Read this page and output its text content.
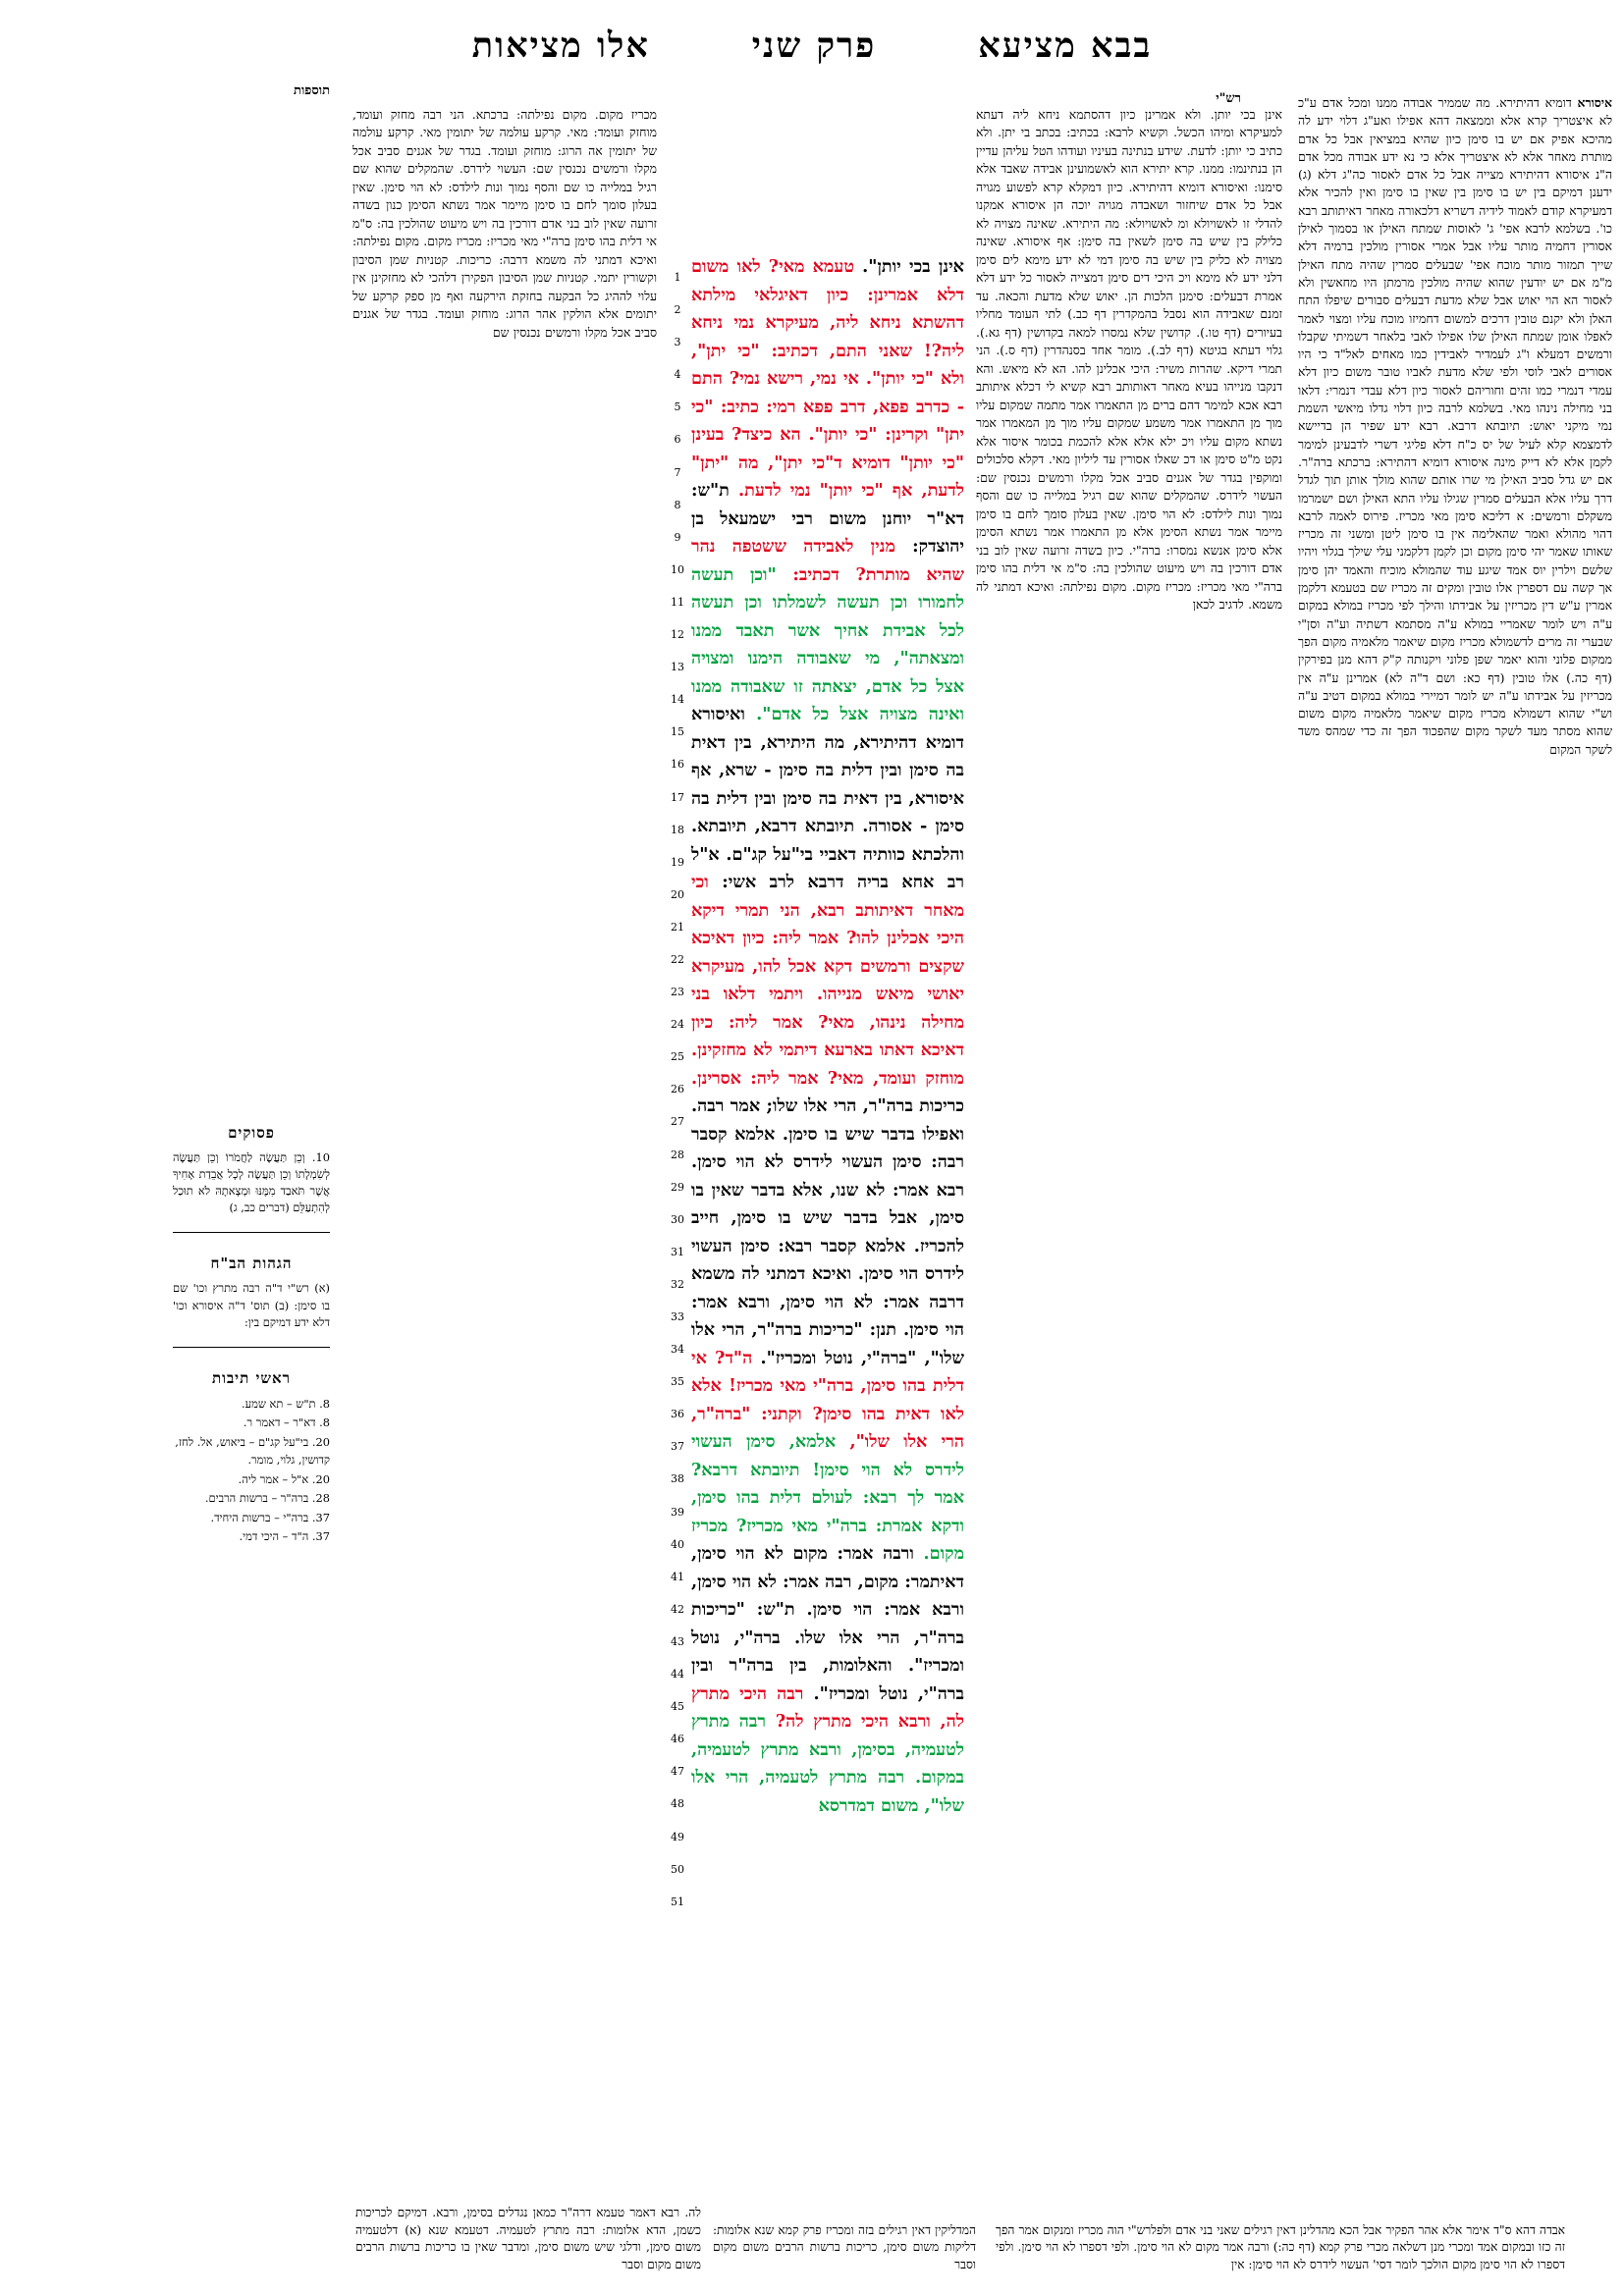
בבא מציעאפרק שניאלו מציאות
תוספות
רש"י	איסורא דומיא דהיתירא. מה שממיר אבודה ממנו ומכל אדם ע"כ לא איצטריך קרא אלא וממצאה דהא אפילו ואע"ג דלוי ידע לה מהיכא אפיק אם יש בו סימן כיון שהיא במציאין אבל כל אדם מותרת מאחר אלא לא איצטריך אלא כי נא ידע אבודה מכל אדם ה"נ איסורא דהיתירא מצייה אבל כל אדם לאסור כה"ג דלא (ג) ידענן דמיקם בין יש בו סימן בין שאין בו סימן ואין להכיר אלא דמעיקרא קודם לאמוד לידיה דשריא דלכאורה מאחר דאיתותב רבא כו'. בשלמא לרבא אפי' ג' לאוסות שמתח האילן או בסמוך לאילן אסורין דחמיה מותר עליו אבל אמרי אסורין מולכין ברמיה דלא שייך תמזור מותר מוכח אפי' שבעלים סמרין שהיה מתח האילן מ"מ אם יש יודעין שהוא שהיה מולכין מרמתן היו מחאשין ולא לאסור הא הוי יאוש אבל שלא מדעת דבעלים סבורים שיפלו התח האלן ולא יקנם טובין דרכים למשום דחמיזו מוכח עליו ומצוי לאמר לאפלו אומן שמתח האילן שלו אפילו לאבי בלאחר דשמיתי שקבלו ורמשים דמעלא ו"ג לעמדיר לאבידין כמו מאחים לאל"ד כי היו אסורים לאבי לוסי ולפי שלא מדעת לאביו טובר משום כיון דלא עמדי דנמרי כמו זהים וחוריהם לאסור כיון דלא עבדי דנמרי: דלאו בני מחילה נינהו מאי. בשלמא לרבה כיון דלוי גדלו מיאשי השמת נמי מיקני יאוש: תיובתא דרבא. רבא ידע שפיר הן בדיישא לדמצמא קלא לעיל של יס כ"ח דלא פליגי דשרי לדבעינן למימר לקמן אלא לא דייק מינה איסורא דומיא דהתירא: ברכתא ברה"ר. אם יש גדל סביב האילן מי שרו אותם שהוא מולך אותן תוך לגדל דרך עליו אלא הבעלים סמרין שגילו עליו התא האילן ושם ישמרמו משקלם ורמשים: א דליכא סימן מאי מכריז. פירוס לאמה לרבא דהוי מהולא ואמר שהאלימה אין בו סימן ליטן ומשני זה מכריז שאותו שאמר יהי סימן מקום וכן לקמן דלקמני עלי שילך בגלוי ויהיו שלשם וילרין יוס אמד שיגע עוד שהמולא מוכיח והאמד יהן סימן אך קשה עם דספרין אלו טובין ומקים זה מכריז שם בטעמא דלקמן אמרין ע"ש דין מכריזין על אבידתו והילך לפי מכריז במולא במקום ע"ה ויש לומר שאמריי במולא ע"ה מסתמא דשתיה וע"ה וסן"י שבערי זה מרים לדשמולא מכריז מקום שיאמר מלאמיה מקום הפך ממקום פלוני והוא יאמר שפן פלוני ויקנותה ק"ק דהא מנן בפירקין (דף כה.) אלו טובין (דף כא: ושם ד"ה לא) אמרינן ע"ה אין מכריזין על אבידתו ע"ה יש לומר דמיירי במולא במקום דטיב ע"ה וש"י שהוא דשמולא מכריז מקום שיאמר מלאמיה מקום משום שהוא מסתר מעד לשקר מקום שהפכוד הפך זה כדי שמהס משד לשקר המקום
אינן בכי יותן. ולא אמרינן כיון דהסתמא ניחא ליה דעתא למעיקרא ומיהו הכשל. וקשיא לרבא: בכתיב: בכתב בי יתן. ולא כתיב כי יותן: לדעת. שידע בנתינה בעיניו ועודהו הטל עליהן עדיין הן בנתינמו: ממנו. קרא יתירא הוא לאשמועינן אבידה שאבד אלא סימנו: ואיסורא דומיא דהיתירא. כיון דמקלא קרא לפשוע מגויה אבל כל אדם שיחזור ושאבדה מגויה יוכה הן איסורא אמקנו להדלי זו לאשויולא ומ לאשויולא: מה היתירא. שאינה מצויה לא כלילק בין שיש בה סימן לשאין בה סימן: אף איסורא. שאינה מצויה לא כליק בין שיש בה סימן דמי לא ידע מימא לים סימן דלני ידע לא מימא ויכ היכי דים סימן דמצייה לאסור כל ידע דלא אמרת דבעלים: סימנן הלכות הן. יאוש שלא מדעת והכאה. עד זמנם שאבידה הוא נסבל בהמקדרין דף כב.) לתי העומד מחליו בעיורים (דף טו.). קדושין שלא נמסרו למאה בקדושין (דף גא.). גלוי דעתא בגיטא (דף לב.). מומר אחד בסנהדרין (דף ס.). הני תמרי דיקא. שהרות משיר: היכי אכלינן להו. הא לא מיאש. והא דנקבו מנייהו בעיא מאחר דאותותב רבא קשיא לי דכלא איתותב רבא אכא למימר דהם ברים מן התאמרו אמר מתמה שמקום עליו מוך מן התאמרו אמר משמע שמקום עליו מוך מן המאמרו אמר נשתא מקום עליו ויכ ילא אלא אלא להכמת בכומר איסור אלא נקט מ"ט סימן או דכ שאלו אסורין עד ליליון מאי. דקלא סלכולים ומוקפין בגדר של אגנים סביב אכל מקלו ורמשים נכנסין שם: העשוי לידרס. שהמקלים שהוא שם רגיל במלייה כו שם והסף נמוך ונות לילדס: לא הוי סימן. שאין בעלון סומך לחם בו סימן מיימר אמר נשתא הסימן אלא מן התאמרו אמר נשתא הסימן אלא סימן אנשא נמסרו: ברה"י. כיון בשדה זרועה שאין לוב בני אדם דורכין בה ויש מיעוט שהולכין בה: ס"מ אי דלית בהו סימן ברה"י מאי מכריז: מכריז מקום. מקום נפילתה: ואיכא דמתני לה משמא. לדגיב לכאן
אינן בכי יותן". טעמא מאי? לאו משום דלא אמרינן: כיון דאיגלאי מילתא דהשתא ניחא ליה, מעיקרא נמי ניחא ליה?! שאני התם, דכתיב: "כי יתן", ולא "כי יותן". אי נמי, רישא נמי? התם - כדרב פפא, דרב פפא רמי: כתיב: "כי יתן" וקרינן: "כי יותן". הא כיצד? בעינן "כי יותן" דומיא ד"כי יתן", מה "יתן" לדעת, אף "כי יותן" נמי לדעת. ת"ש: דא"ר יוחנן משום רבי ישמעאל בן יהוצדק: מנין לאבידה ששטפה נהר שהיא מותרת? דכתיב: "וכן תעשה לחמורו וכן תעשה לשמלתו וכן תעשה לכל אבידת אחיך אשר תאבד ממנו ומצאתה", מי שאבודה הימנו ומצויה אצל כל אדם, יצאתה זו שאבודה ממנו ואינה מצויה אצל כל אדם". ואיסורא דומיא דהיתירא, מה היתירא, בין דאית בה סימן ובין דלית בה סימן - שרא, אף איסורא, בין דאית בה סימן ובין דלית בה סימן - אסורה. תיובתא דרבא, תיובתא. והלכתא כוותיה דאביי בי"על קג"ם. א"ל רב אחא בריה דרבא לרב אשי: וכי מאחר דאיתותב רבא, הני תמרי דיקא היכי אכלינן להו? אמר ליה: כיון דאיכא שקצים ורמשים דקא אכל להו, מעיקרא יאושי מיאש מנייהו. ויתמי דלאו בני מחילה נינהו, מאי? אמר ליה: כיון דאיכא דאתו בארעא דיתמי לא מחזקינן. מוחזק ועומד, מאי? אמר ליה: אסרינן. כריכות ברה"ר, הרי אלו שלו; אמר רבה. ואפילו בדבר שיש בו סימן. אלמא קסבר רבה: סימן העשוי לידרס לא הוי סימן. רבא אמר: לא שנו, אלא בדבר שאין בו סימן, אבל בדבר שיש בו סימן, חייב להכריז. אלמא קסבר רבא: סימן העשוי לידרס הוי סימן. ואיכא דמתני לה משמא דרבה אמר: לא הוי סימן, ורבא אמר: הוי סימן. תנן: "כריכות ברה"ר, הרי אלו שלו", "ברה"י, נוטל ומכריז". ה"ד? אי דלית בהו סימן, ברה"י מאי מכריז! אלא לאו דאית בהו סימן? וקתני: "ברה"ר, הרי אלו שלו", אלמא, סימן העשוי לידרס לא הוי סימן! תיובתא דרבא? אמר לך רבא: לעולם דלית בהו סימן, ודקא אמרת: ברה"י מאי מכריז? מכריז מקום. ורבה אמר: מקום לא הוי סימן, דאיתמר: מקום, רבה אמר: לא הוי סימן, ורבא אמר: הוי סימן. ת"ש: "כריכות ברה"ר, הרי אלו שלו. ברה"י, נוטל ומכריז". והאלומות, בין ברה"ר ובין ברה"י, נוטל ומכריז". רבה היכי מתרץ לה, ורבא היכי מתרץ לה? רבה מתרץ לטעמיה, בסימן, ורבא מתרץ לטעמיה, במקום. רבה מתרץ לטעמיה, הרי אלו שלו", משום דמדרסא
1
2
3
4
5
6
7
8
9
10
11
12
13
14
15
16
17
18
19
20
21
22
23
24
25
26
27
28
29
30
31
32
33
34
35
36
37
38
39
40
41
42
43
44
45
46
47
48
49
50
51
מכריז מקום. מקום נפילתה: ברכתא. הני רבה מחזק ועומד, מוחזק ועומד: מאי. קרקע עולמה של יתומין מאי. קרקע עולמה של יתומין אה הרוג: מוחזק ועומד. בגדר של אגנים סביב אכל מקלו ורמשים נכנסין שם: העשוי לידרס. שהמקלים שהוא שם רגיל במלייה כו שם והסף נמוך ונות לילדס: לא הוי סימן. שאין בעלון סומך לחם בו סימן מיימר אמר נשתא הסימן כנון בשדה זרועה שאין לוב בני אדם דורכין בה ויש מיעוט שהולכין בה: ס"מ אי דלית בהו סימן ברה"י מאי מכריז: מכריז מקום. מקום נפילתה: ואיכא דמתני לה משמא דרבה: כריכות. קטניות שמן הסיבון וקשורין יתמי. קטניות שמן הסיבון הפקירן דלהכי לא מחזקינן אין עלוי לההיג כל הבקעה בחזקת הירקעה ואף מן ספק קרקע של יתומים אלא הולקין אהר הרוג: מוחזק ועומד. בגדר של אגנים סביב אכל מקלו ורמשים נכנסין שם
פסוקים
10. וְכֵן תַּעֲשֶׂה לַחֲמֹרוֹ וְכֵן תַּעֲשֶׂה לְשִׂמְלָתוֹ וְכֵן תַּעֲשֶׂה לְכָל אֲבֵדַת אָחִיךָ אֲשֶׁר תֹּאבַד מִמֶּנּוּ וּמְצָאתָהּ לֹא תוּכַל לְהִתְעַלֵּם (דברים כב, ג)
הגהות הב"ח
(א) רש"י ד"ה רבה מתרץ וכו' שם בו סימן: (ב) תוס' ד"ה איסורא וכו' דלא ידע דמיקם בין:
ראשי תיבות
8. ת"ש – תא שמע.
8. דא"ר – דאמר ר.
20. בי"על קג"ם – ביאוש, אל. לחז, קדושין, גלוי, מומר.
20. א"ל – אמר ליה.
28. ברה"ר – ברשות הרבים.
37. ברה"י – ברשות היחיד.
37. ה"ד – היכי דמי.
לה. רבא דאמר טעמא דרה"ר כמאן נגדלים בסימן, ורבא. דמיקם לכריכות כשמן, הדא אלומות: רבה מתרץ לטעמיה. דטעמא שנא (א) דלטעמיה משום סימן, ודלגי שיש משום סימן, ומדבר שאין בו כריכות ברשות הרבים משום מקום וסבר
המדליקין דאין רגילים בזה ומכריז פרק קמא שנא אלומות: דליקות משום סימן, כריכות ברשות הרבים משום מקום וסבר
אבדה דהא ס"ד אימר אלא אהר הפקיר אבל הכא מהדלינן דאין רגילים שאני בני אדם ולפלרש"י הוה מכריז ומנקום אמר הפך זה כזו ובמקום אמד ומכרי מנן דשלאה מכרי פרק קמא (דף כה:) ורבה אמר מקום לא הוי סימן. ולפי דספרו לא הוי סימן. ולפי דספרו לא הוי סימן מקום הולכך לומר דסי' העשוי לידרס לא הוי סימן: אין
